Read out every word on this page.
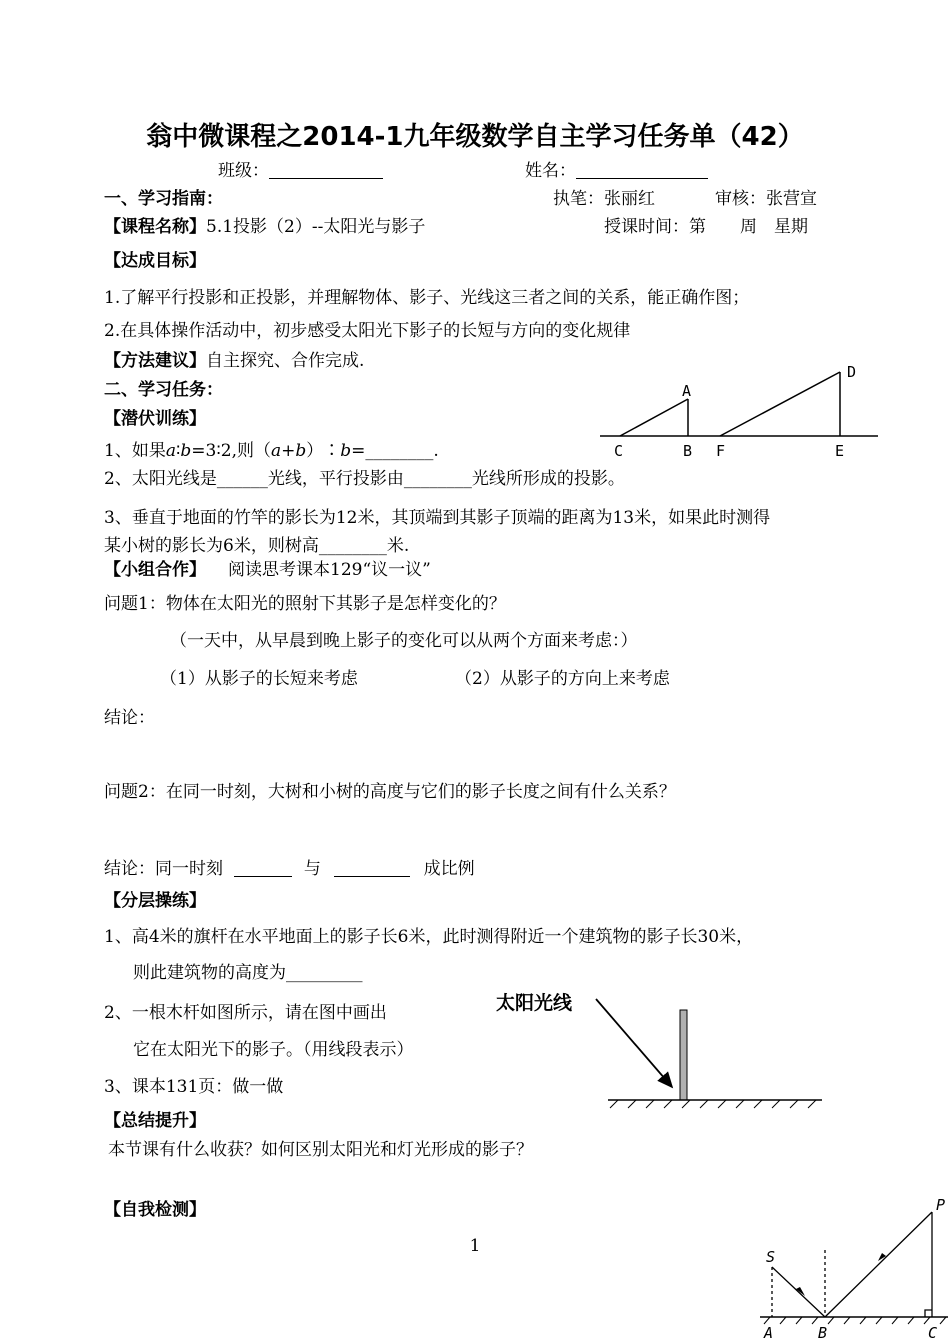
翁中微课程之2014-1九年级数学自主学习任务单（42）
班级：	姓名：
一、学习指南：	执笔：张丽红	审核：张营宣
【课程名称】5.1投影（2）--太阳光与影子	授课时间：第　　周　星期
【达成目标】
1.了解平行投影和正投影，并理解物体、影子、光线这三者之间的关系，能正确作图；
2.在具体操作活动中，初步感受太阳光下影子的长短与方向的变化规律
【方法建议】自主探究、合作完成.
二、学习任务：
【潜伏训练】
1、如果a∶b=3∶2,则（a+b）∶b=________.
2、太阳光线是______光线，平行投影由________光线所形成的投影。
3、垂直于地面的竹竿的影长为12米，其顶端到其影子顶端的距离为13米，如果此时测得
某小树的影长为6米，则树高________米.
【小组合作】 阅读思考课本129“议一议”
问题1：物体在太阳光的照射下其影子是怎样变化的？
（一天中，从早晨到晚上影子的变化可以从两个方面来考虑：）
（1）从影子的长短来考虑	（2）从影子的方向上来考虑
结论：
问题2：在同一时刻，大树和小树的高度与它们的影子长度之间有什么关系？
结论：同一时刻	与	成比例
【分层操练】
1、高4米的旗杆在水平地面上的影子长6米，此时测得附近一个建筑物的影子长30米，
则此建筑物的高度为_________
2、一根木杆如图所示，请在图中画出
它在太阳光下的影子。（用线段表示）
3、课本131页：做一做
【总结提升】
本节课有什么收获？如何区别太阳光和灯光形成的影子？
【自我检测】
1
A
B
C
D
E
F
太阳光线
S
P
A	B	C
